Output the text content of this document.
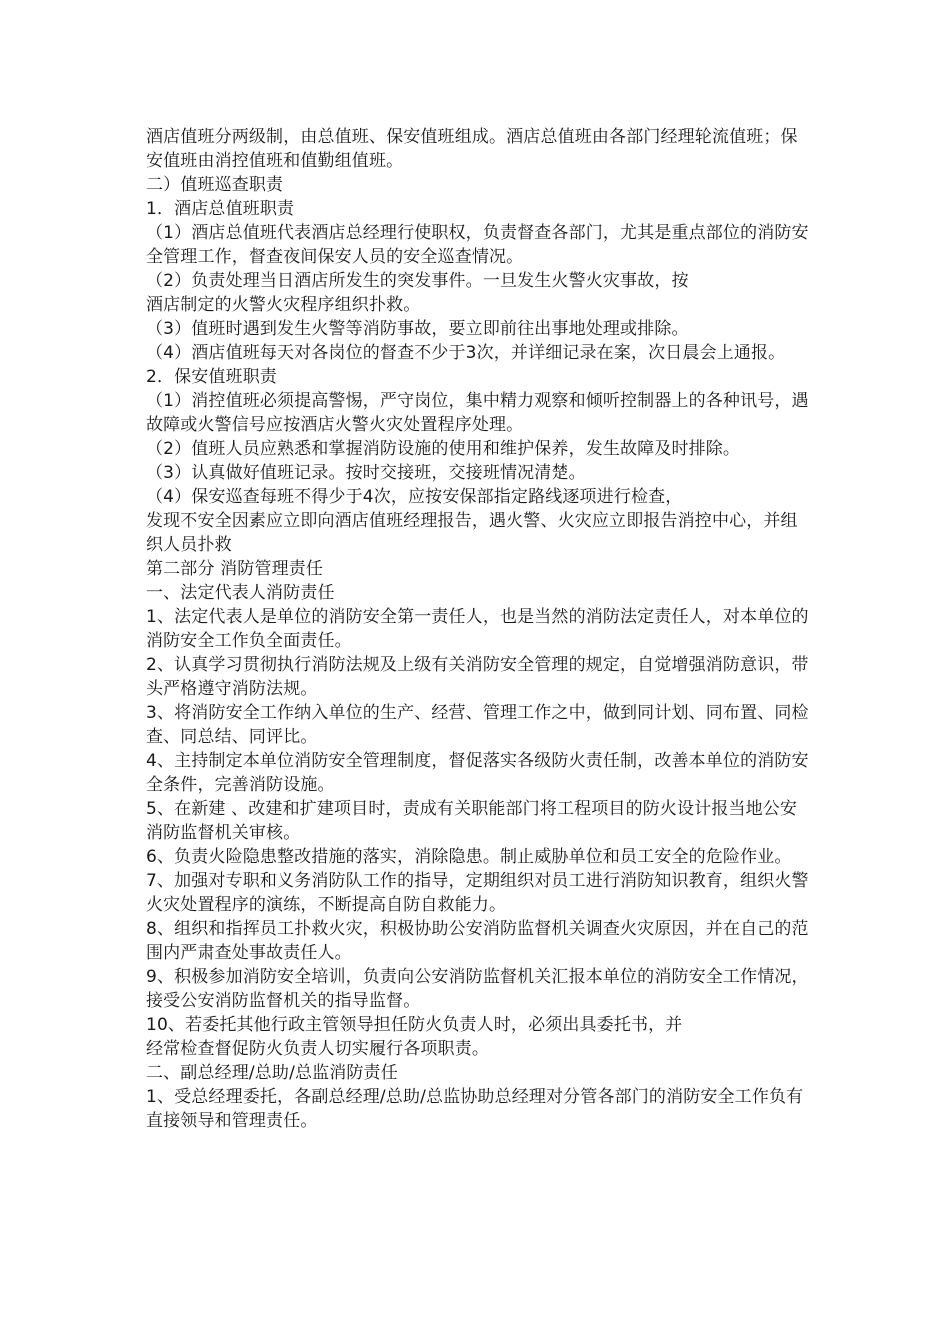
酒店值班分两级制，由总值班、保安值班组成。酒店总值班由各部门经理轮流值班；保安值班由消控值班和值勤组值班。

二）值班巡查职责

1．酒店总值班职责

（1）酒店总值班代表酒店总经理行使职权，负责督查各部门，尤其是重点部位的消防安全管理工作，督查夜间保安人员的安全巡查情况。

（2）负责处理当日酒店所发生的突发事件。一旦发生火警火灾事故，按

酒店制定的火警火灾程序组织扑救。

（3）值班时遇到发生火警等消防事故，要立即前往出事地处理或排除。

（4）酒店值班每天对各岗位的督查不少于3次，并详细记录在案，次日晨会上通报。

2．保安值班职责

（1）消控值班必须提高警惕，严守岗位，集中精力观察和倾听控制器上的各种讯号，遇故障或火警信号应按酒店火警火灾处置程序处理。

（2）值班人员应熟悉和掌握消防设施的使用和维护保养，发生故障及时排除。

（3）认真做好值班记录。按时交接班，交接班情况清楚。

（4）保安巡查每班不得少于4次，应按安保部指定路线逐项进行检查，

发现不安全因素应立即向酒店值班经理报告，遇火警、火灾应立即报告消控中心，并组织人员扑救

第二部分 消防管理责任

一、法定代表人消防责任

1、法定代表人是单位的消防安全第一责任人，也是当然的消防法定责任人，对本单位的消防安全工作负全面责任。

2、认真学习贯彻执行消防法规及上级有关消防安全管理的规定，自觉增强消防意识，带头严格遵守消防法规。

3、将消防安全工作纳入单位的生产、经营、管理工作之中，做到同计划、同布置、同检查、同总结、同评比。

4、主持制定本单位消防安全管理制度，督促落实各级防火责任制，改善本单位的消防安全条件，完善消防设施。

5、在新建 、改建和扩建项目时，责成有关职能部门将工程项目的防火设计报当地公安消防监督机关审核。

6、负责火险隐患整改措施的落实，消除隐患。制止威胁单位和员工安全的危险作业。

7、加强对专职和义务消防队工作的指导，定期组织对员工进行消防知识教育，组织火警火灾处置程序的演练，不断提高自防自救能力。

8、组织和指挥员工扑救火灾，积极协助公安消防监督机关调查火灾原因，并在自己的范围内严肃查处事故责任人。

9、积极参加消防安全培训，负责向公安消防监督机关汇报本单位的消防安全工作情况，接受公安消防监督机关的指导监督。

10、若委托其他行政主管领导担任防火负责人时，必须出具委托书，并

经常检查督促防火负责人切实履行各项职责。

二、副总经理/总助/总监消防责任

1、受总经理委托，各副总经理/总助/总监协助总经理对分管各部门的消防安全工作负有直接领导和管理责任。
